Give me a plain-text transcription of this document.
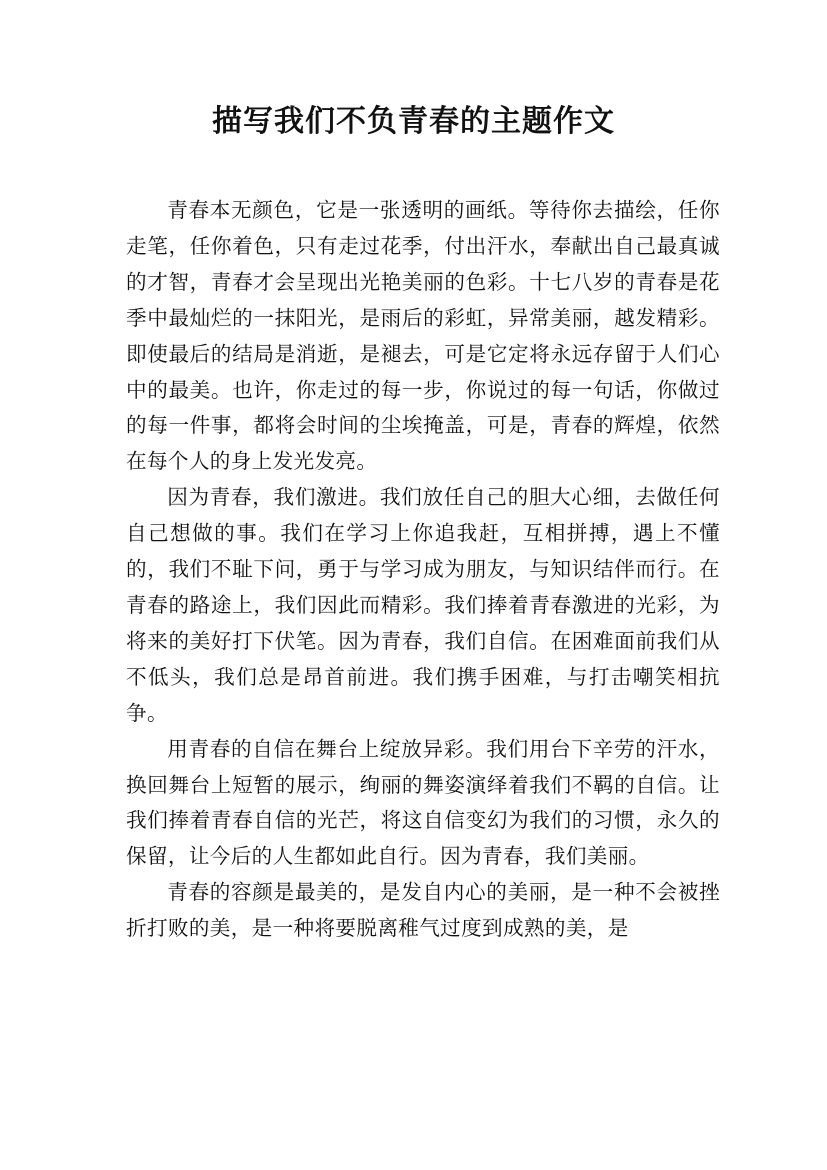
描写我们不负青春的主题作文

青春本无颜色，它是一张透明的画纸。等待你去描绘，任你走笔，任你着色，只有走过花季，付出汗水，奉献出自己最真诚的才智，青春才会呈现出光艳美丽的色彩。十七八岁的青春是花季中最灿烂的一抹阳光，是雨后的彩虹，异常美丽，越发精彩。即使最后的结局是消逝，是褪去，可是它定将永远存留于人们心中的最美。也许，你走过的每一步，你说过的每一句话，你做过的每一件事，都将会时间的尘埃掩盖，可是，青春的辉煌，依然在每个人的身上发光发亮。

因为青春，我们激进。我们放任自己的胆大心细，去做任何自己想做的事。我们在学习上你追我赶，互相拼搏，遇上不懂的，我们不耻下问，勇于与学习成为朋友，与知识结伴而行。在青春的路途上，我们因此而精彩。我们捧着青春激进的光彩，为将来的美好打下伏笔。因为青春，我们自信。在困难面前我们从不低头，我们总是昂首前进。我们携手困难，与打击嘲笑相抗争。

用青春的自信在舞台上绽放异彩。我们用台下辛劳的汗水，换回舞台上短暂的展示，绚丽的舞姿演绎着我们不羁的自信。让我们捧着青春自信的光芒，将这自信变幻为我们的习惯，永久的保留，让今后的人生都如此自行。因为青春，我们美丽。

青春的容颜是最美的，是发自内心的美丽，是一种不会被挫折打败的美，是一种将要脱离稚气过度到成熟的美，是
